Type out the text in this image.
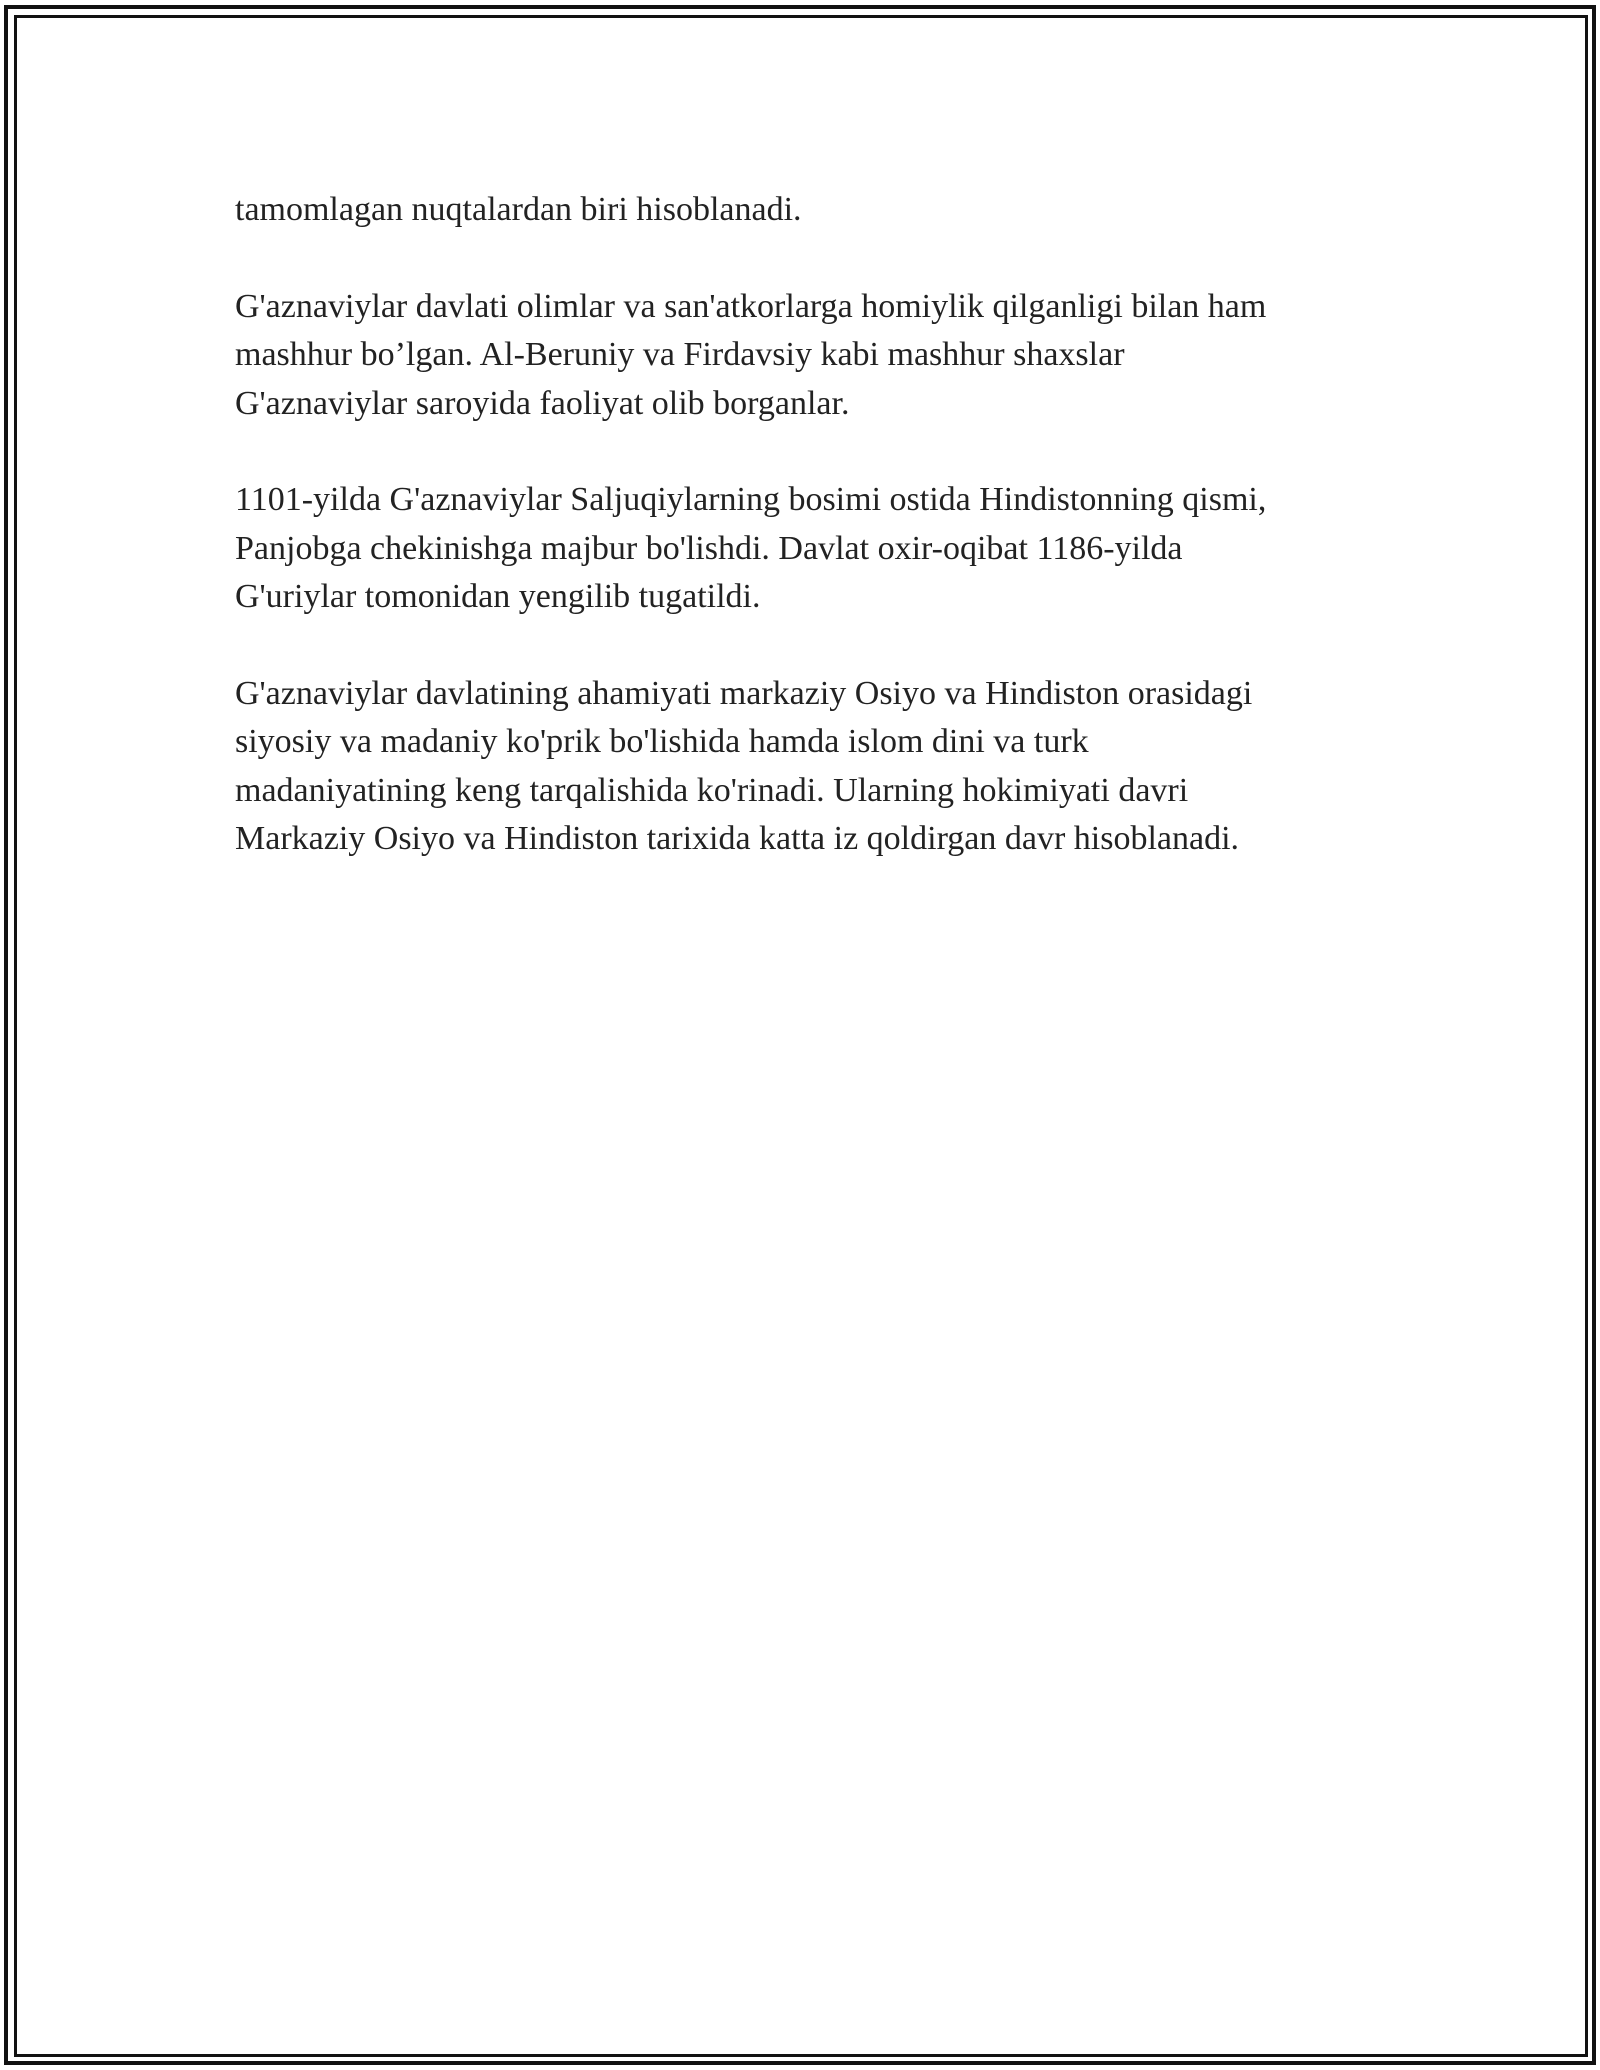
tamomlagan nuqtalardan biri hisoblanadi.

G'aznaviylar davlati olimlar va san'atkorlarga homiylik qilganligi bilan ham
mashhur bo’lgan. Al-Beruniy va Firdavsiy kabi mashhur shaxslar
G'aznaviylar saroyida faoliyat olib borganlar.

1101-yilda G'aznaviylar Saljuqiylarning bosimi ostida Hindistonning qismi,
Panjobga chekinishga majbur bo'lishdi. Davlat oxir-oqibat 1186-yilda
G'uriylar tomonidan yengilib tugatildi.

G'aznaviylar davlatining ahamiyati markaziy Osiyo va Hindiston orasidagi
siyosiy va madaniy ko'prik bo'lishida hamda islom dini va turk
madaniyatining keng tarqalishida ko'rinadi. Ularning hokimiyati davri
Markaziy Osiyo va Hindiston tarixida katta iz qoldirgan davr hisoblanadi.
